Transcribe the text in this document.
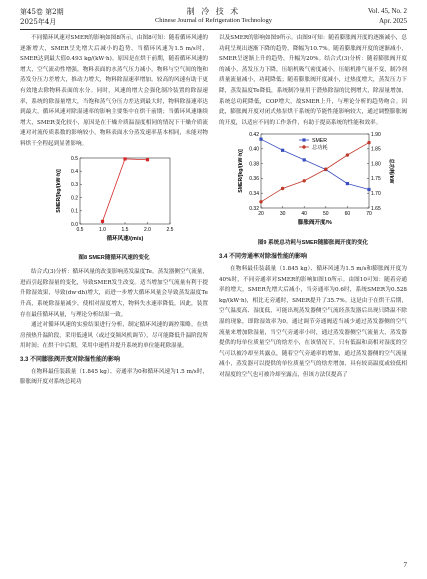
第45卷 第2期
2025年4月
制 冷 技 术
Chinese Journal of Refrigeration Technology
Vol. 45, No. 2
Apr. 2025

不同循环风速对SMER的影响如图8所示。由图8可知：随着循环风速的逐渐增大，SMER呈先增大后减小的趋势，当循环风速为1.5 m/s时，SMER达到最大值0.493 kg/(kW·h)。原因是在烘干前期，随着循环风速的增大，空气流动性增强，物料表面的水蒸气压力减小，物料与空气间的饱和蒸发分压力差增大，推动力增大，物料除湿速率增加。较高的风速有助于更有效地去除物料表面的水分。同时，风速的增大会强化制冷装置的除湿速率，系统的除湿量增大，当饱和蒸气分压力差达到最大时，物料除湿速率达到最大，循环风速对除湿速率的影响主要集中在烘干前期；当循环风速继续增大，SMER变化较小，原因是在干燥介质温湿度相同的情况下干燥介质流速对对流传质系数的影响较小，物料表面水分蒸发速率基本相同，未能对物料烘干全程起到显著影响。

0.5	1.0	1.5	2.0	2.5
0.0
0.1
0.2
0.3
0.4
0.5
循环风速/(m/s)
SMER/[kg/(kW·h)]
图8 SMER随循环风速的变化

结合式(3)分析：循环风量的改变影响蒸发温度Te。蒸发器侧空气流量，进而引起除湿量的变化，导致SMER发生改变。适当增加空气流量有利于提升除湿效果，导致(dw·dh)增大，而进一步增大循环风量会导致蒸发温度Te升高，系统除湿量减少，使相对湿度增大，物料失水速率降低。因此，装置存在最佳循环风量，与理论分析结果一致。

通过对循环风速的实验结果进行分析，制定循环风速的调控策略。在烘房预热升温阶段，采用低速风（或过变频风机调节），尽可能降低升温阶段所用时间；在烘干中后期，采用中速档并提升系统的单位能耗除湿量。

3.3 不同膨胀阀开度对除湿性能的影响

在物料最佳装载量（1.845 kg）、旁通率为0和循环风速为1.5 m/s时，膨胀阀开度对系统总耗功

以及SMER的影响如图9所示。由图9可知：随着膨胀阀开度的逐渐减小，总功耗呈现出逐渐下降的趋势，降幅为10.7%。随着膨胀阀开度的逐渐减小，SMER呈逐渐上升的趋势，升幅为20%。结合式(3)分析：随着膨胀阀开度的减小，蒸发压力下降，压缩机吸气密度减小，压缩机排气量不变，制冷剂质量流量减小，功耗降低；随着膨胀阀开度减小，过热度增大，蒸发压力下降，蒸发温度Te降低，系统制冷量用于潜热除湿的比例增大，除湿量增加，系统总功耗降低，COP增大，故SMER上升，与理论分析的趋势吻合。因此，膨胀阀开度对闭式热泵烘干系统的节能性能影响较大，通过调整膨胀阀的开度，以适应不同的工作条件，有助于提高系统的性能和效率。

20	30	40	50	60	70
0.32
0.34
0.36
0.38
0.40
0.42
1.65
1.70
1.75
1.80
1.85
1.90
膨胀阀开度/%
SMER/[kg/(kW·h)]	总功耗/kW
SMER
总功耗
图9 系统总功耗与SMER随膨胀阀开度的变化
3.4 不同旁通率对除湿性能的影响

在物料最佳装载量（1.845 kg）、循环风速为1.5 m/s和膨胀阀开度为40%时，不同旁通率对SMER的影响如图10所示。由图10可知：随着旁通率的增大，SMER先增大后减小，当旁通率为0.6时，系统SMER为0.528 kg/(kW·h)，相比无旁通时，SMER提升了35.7%。这是由于在烘干后期，空气温度高、湿度低，可能出现蒸发器侧空气流经蒸发器后出现只降温不除湿的现象，即除湿效率为0。通过调节旁通阀适当减少通过蒸发器侧的空气流量来增加除湿量，当空气旁通率小时，通过蒸发器侧空气流量大，蒸发器提供的每单位质量空气的焓差小，在该情况下，只有低温和高相对湿度的空气可以被冷却至其露点，随着空气旁通率的增加，通过蒸发器侧的空气流量减小，蒸发器可以提供的单位质量空气的焓差增加，具有较高温度或较低相对湿度的空气也可被冷却至露点，但该方法仅提高了

7
